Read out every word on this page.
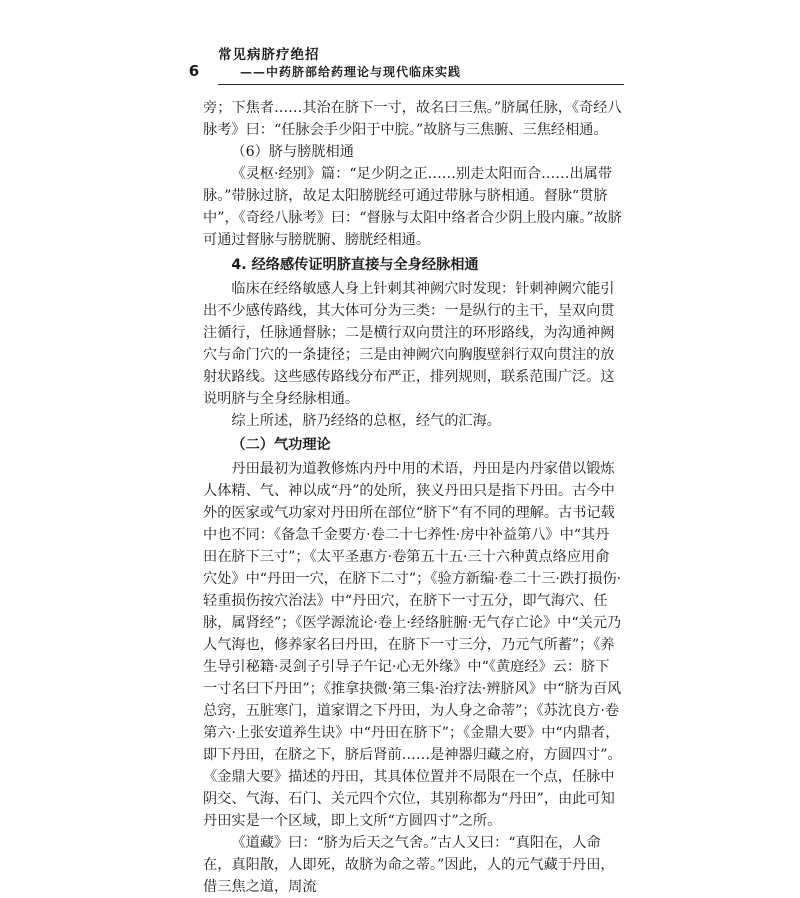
6
常见病脐疗绝招
——中药脐部给药理论与现代临床实践

旁；下焦者……其治在脐下一寸，故名曰三焦。”脐属任脉，《奇经八脉考》曰：“任脉会手少阳于中脘。”故脐与三焦腑、三焦经相通。

（6）脐与膀胱相通

《灵枢·经别》篇：“足少阴之正……别走太阳而合……出属带脉。”带脉过脐，故足太阳膀胱经可通过带脉与脐相通。督脉“贯脐中”，《奇经八脉考》曰：“督脉与太阳中络者合少阴上股内廉。”故脐可通过督脉与膀胱腑、膀胱经相通。

4. 经络感传证明脐直接与全身经脉相通

临床在经络敏感人身上针刺其神阙穴时发现：针刺神阙穴能引出不少感传路线，其大体可分为三类：一是纵行的主干，呈双向贯注循行，任脉通督脉；二是横行双向贯注的环形路线，为沟通神阙穴与命门穴的一条捷径；三是由神阙穴向胸腹壁斜行双向贯注的放射状路线。这些感传路线分布严正，排列规则，联系范围广泛。这说明脐与全身经脉相通。

综上所述，脐乃经络的总枢，经气的汇海。

（二）气功理论

丹田最初为道教修炼内丹中用的术语，丹田是内丹家借以锻炼人体精、气、神以成“丹”的处所，狭义丹田只是指下丹田。古今中外的医家或气功家对丹田所在部位“脐下”有不同的理解。古书记载中也不同：《备急千金要方·卷二十七养性·房中补益第八》中“其丹田在脐下三寸”；《太平圣惠方·卷第五十五·三十六种黄点络应用俞穴处》中“丹田一穴，在脐下二寸”；《验方新编·卷二十三·跌打损伤·轻重损伤按穴治法》中“丹田穴，在脐下一寸五分，即气海穴、任脉，属肾经”；《医学源流论·卷上·经络脏腑·无气存亡论》中“关元乃人气海也，修养家名曰丹田，在脐下一寸三分，乃元气所蓄”；《养生导引秘籍·灵剑子引导子午记·心无外缘》中“《黄庭经》云：脐下一寸名曰下丹田”；《推拿抉微·第三集·治疗法·辨脐风》中“脐为百风总窍，五脏寒门，道家谓之下丹田，为人身之命蒂”；《苏沈良方·卷第六·上张安道养生诀》中“丹田在脐下”；《金鼎大要》中“内鼎者，即下丹田，在脐之下，脐后肾前……是神器归藏之府，方圆四寸”。《金鼎大要》描述的丹田，其具体位置并不局限在一个点，任脉中阴交、气海、石门、关元四个穴位，其别称都为“丹田”，由此可知丹田实是一个区域，即上文所“方圆四寸”之所。

《道藏》曰：“脐为后天之气舍。”古人又曰：“真阳在，人命在，真阳散，人即死，故脐为命之蒂。”因此，人的元气藏于丹田，借三焦之道，周流
